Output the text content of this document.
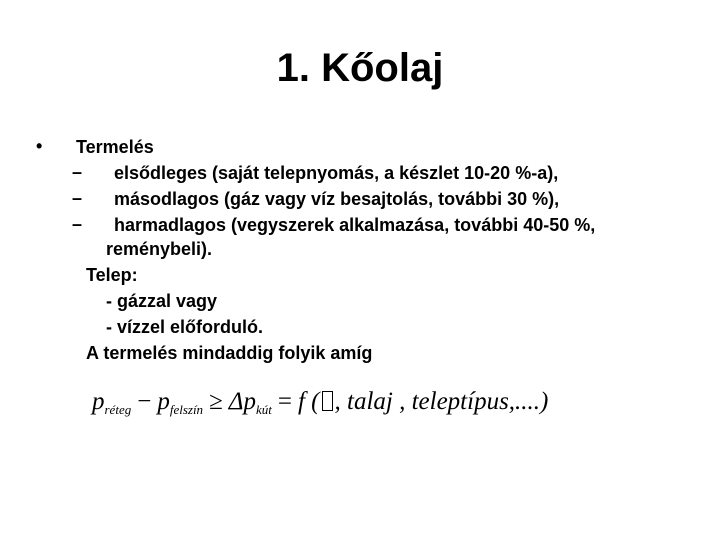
1. Kőolaj
• Termelés
– elsődleges (saját telepnyomás, a készlet 10-20 %-a),
– másodlagos (gáz vagy víz besajtolás, további 30 %),
– harmadlagos (vegyszerek alkalmazása, további 40-50 %,
reménybeli).
Telep:
- gázzal vagy
- vízzel előforduló.
A termelés mindaddig folyik amíg
$p_{réteg} - p_{felszín} \ge \Delta p_{kút} = f$ ( , talaj , teleptípus,....)
